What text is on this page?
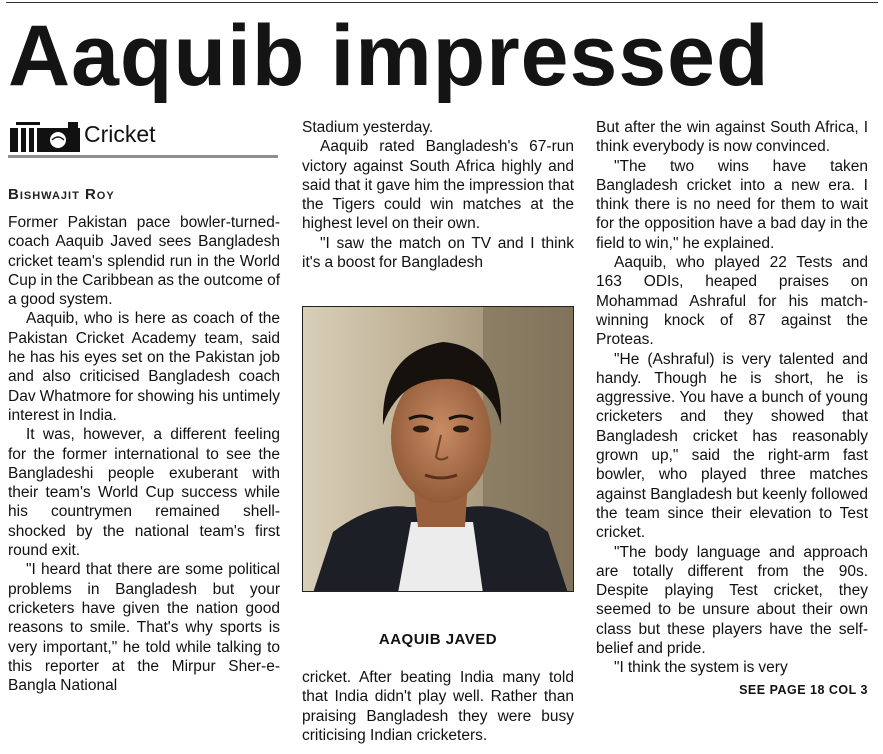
Aaquib impressed
Cricket
Bishwajit Roy

Former Pakistan pace bowler-turned-coach Aaquib Javed sees Bangladesh cricket team's splendid run in the World Cup in the Caribbean as the outcome of a good system.

Aaquib, who is here as coach of the Pakistan Cricket Academy team, said he has his eyes set on the Pakistan job and also criticised Bangladesh coach Dav Whatmore for showing his untimely interest in India.

It was, however, a different feeling for the former international to see the Bangladeshi people exuberant with their team's World Cup success while his countrymen remained shell-shocked by the national team's first round exit.

"I heard that there are some political problems in Bangladesh but your cricketers have given the nation good reasons to smile. That's why sports is very important," he told while talking to this reporter at the Mirpur Sher-e-Bangla National

Stadium yesterday.

Aaquib rated Bangladesh's 67-run victory against South Africa highly and said that it gave him the impression that the Tigers could win matches at the highest level on their own.

"I saw the match on TV and I think it's a boost for Bangladesh

AAQUIB JAVED

cricket. After beating India many told that India didn't play well. Rather than praising Bangladesh they were busy criticising Indian cricketers.

But after the win against South Africa, I think everybody is now convinced.

"The two wins have taken Bangladesh cricket into a new era. I think there is no need for them to wait for the opposition have a bad day in the field to win," he explained.

Aaquib, who played 22 Tests and 163 ODIs, heaped praises on Mohammad Ashraful for his match-winning knock of 87 against the Proteas.

"He (Ashraful) is very talented and handy. Though he is short, he is aggressive. You have a bunch of young cricketers and they showed that Bangladesh cricket has reasonably grown up," said the right-arm fast bowler, who played three matches against Bangladesh but keenly followed the team since their elevation to Test cricket.

"The body language and approach are totally different from the 90s. Despite playing Test cricket, they seemed to be unsure about their own class but these players have the self-belief and pride.

"I think the system is very

SEE PAGE 18 COL 3
